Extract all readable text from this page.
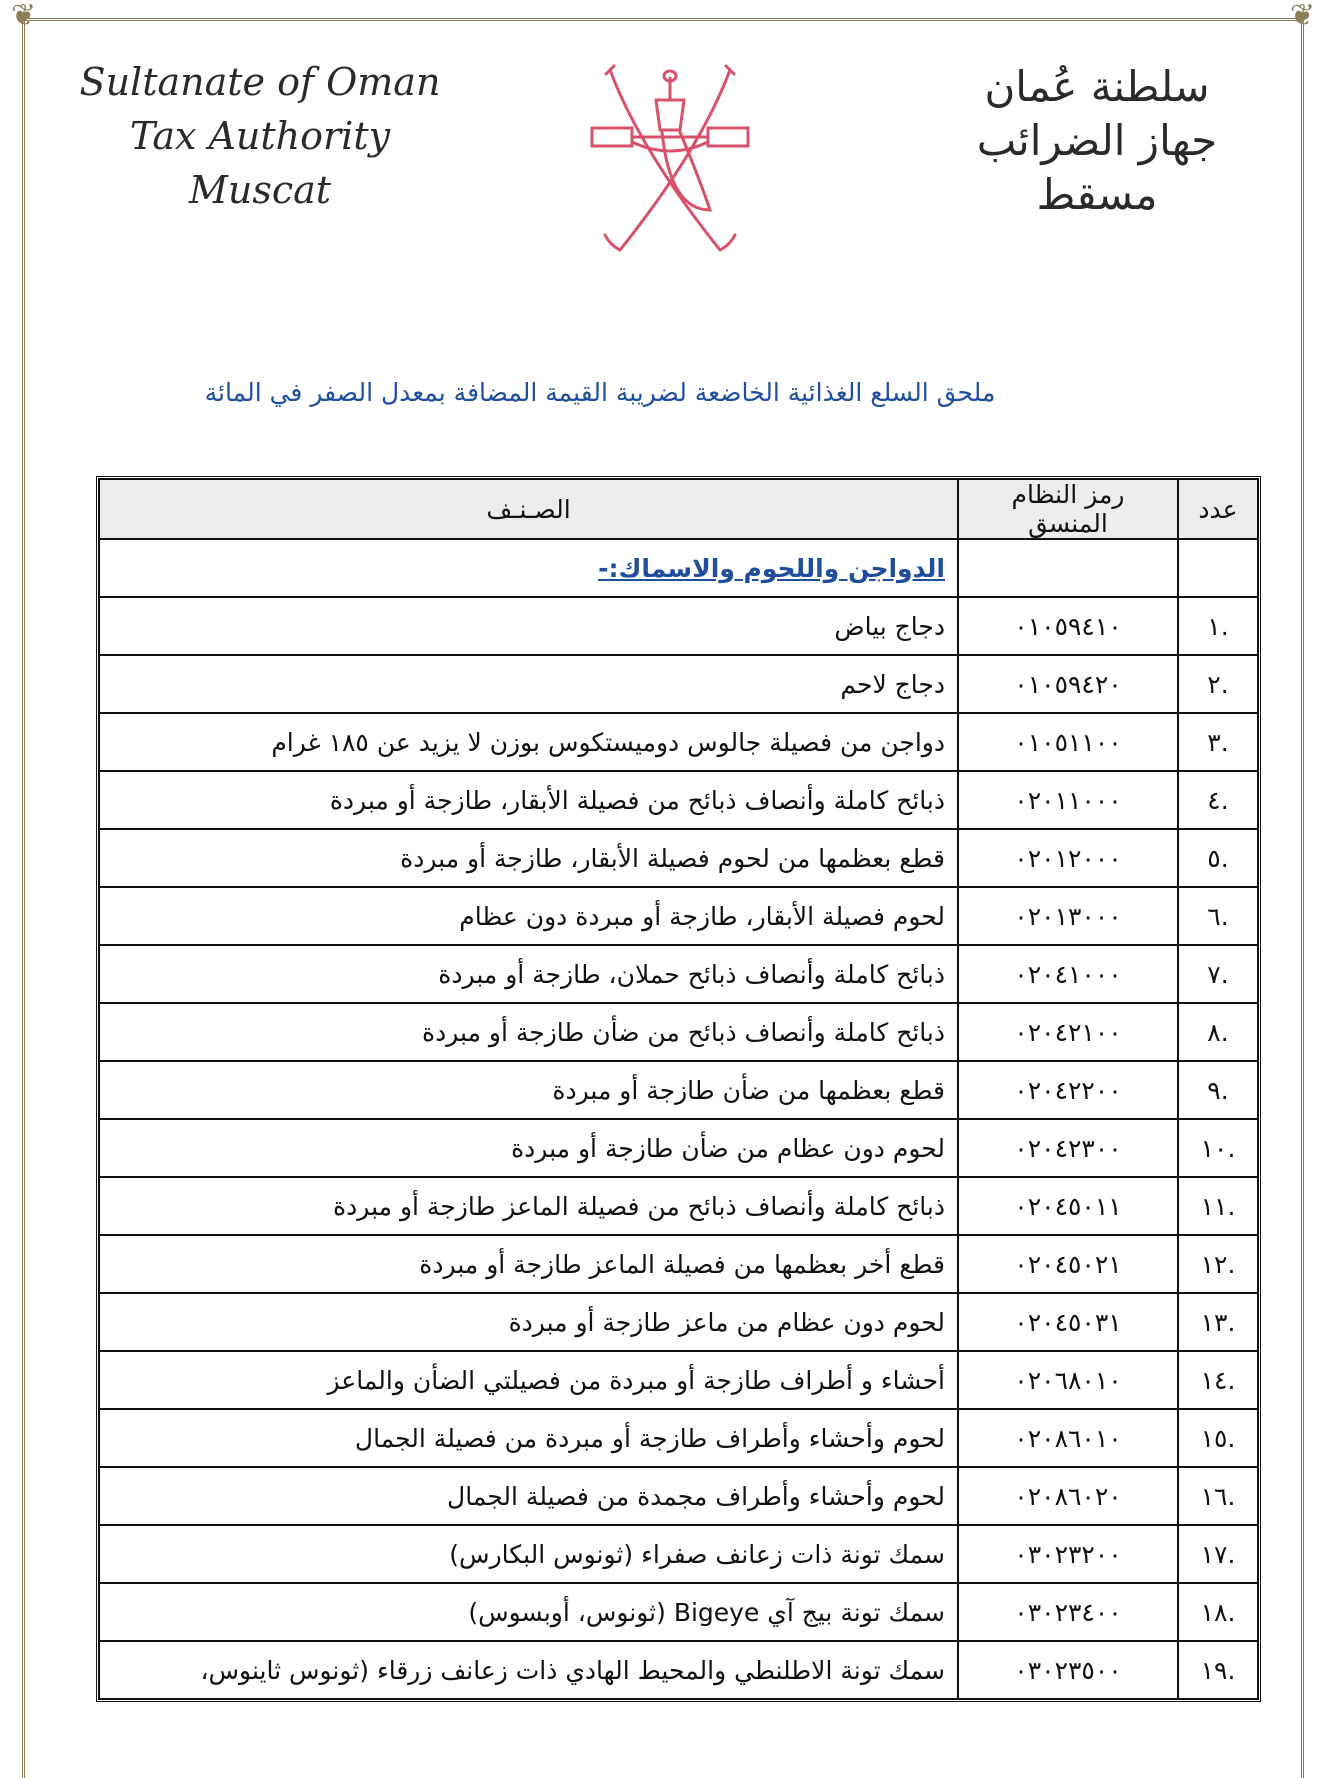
❦	❦
Sultanate of Oman
Tax Authority
Muscat
سلطنة عُمان
جهاز الضرائب
مسقط
ملحق السلع الغذائية الخاضعة لضريبة القيمة المضافة بمعدل الصفر في المائة
عدد	رمز النظام المنسق	الصـنـف
		الدواجن واللحوم والاسماك:-
.١	٠١٠٥٩٤١٠	دجاج بياض
.٢	٠١٠٥٩٤٢٠	دجاج لاحم
.٣	٠١٠٥١١٠٠	دواجن من فصيلة جالوس دوميستكوس بوزن لا يزيد عن ١٨٥ غرام
.٤	٠٢٠١١٠٠٠	ذبائح كاملة وأنصاف ذبائح من فصيلة الأبقار، طازجة أو مبردة
.٥	٠٢٠١٢٠٠٠	قطع بعظمها من لحوم فصيلة الأبقار، طازجة أو مبردة
.٦	٠٢٠١٣٠٠٠	لحوم فصيلة الأبقار، طازجة أو مبردة دون عظام
.٧	٠٢٠٤١٠٠٠	ذبائح كاملة وأنصاف ذبائح حملان، طازجة أو مبردة
.٨	٠٢٠٤٢١٠٠	ذبائح كاملة وأنصاف ذبائح من ضأن طازجة أو مبردة
.٩	٠٢٠٤٢٢٠٠	قطع بعظمها من ضأن طازجة أو مبردة
.١٠	٠٢٠٤٢٣٠٠	لحوم دون عظام من ضأن طازجة أو مبردة
.١١	٠٢٠٤٥٠١١	ذبائح كاملة وأنصاف ذبائح من فصيلة الماعز طازجة أو مبردة
.١٢	٠٢٠٤٥٠٢١	قطع أخر بعظمها من فصيلة الماعز طازجة أو مبردة
.١٣	٠٢٠٤٥٠٣١	لحوم دون عظام من ماعز طازجة أو مبردة
.١٤	٠٢٠٦٨٠١٠	أحشاء و أطراف طازجة أو مبردة من فصيلتي الضأن والماعز
.١٥	٠٢٠٨٦٠١٠	لحوم وأحشاء وأطراف طازجة أو مبردة من فصيلة الجمال
.١٦	٠٢٠٨٦٠٢٠	لحوم وأحشاء وأطراف مجمدة من فصيلة الجمال
.١٧	٠٣٠٢٣٢٠٠	سمك تونة ذات زعانف صفراء (ثونوس البكارس)
.١٨	٠٣٠٢٣٤٠٠	سمك تونة بيج آي Bigeye (ثونوس، أوبسوس)
.١٩	٠٣٠٢٣٥٠٠	سمك تونة الاطلنطي والمحيط الهادي ذات زعانف زرقاء (ثونوس ثاينوس،
